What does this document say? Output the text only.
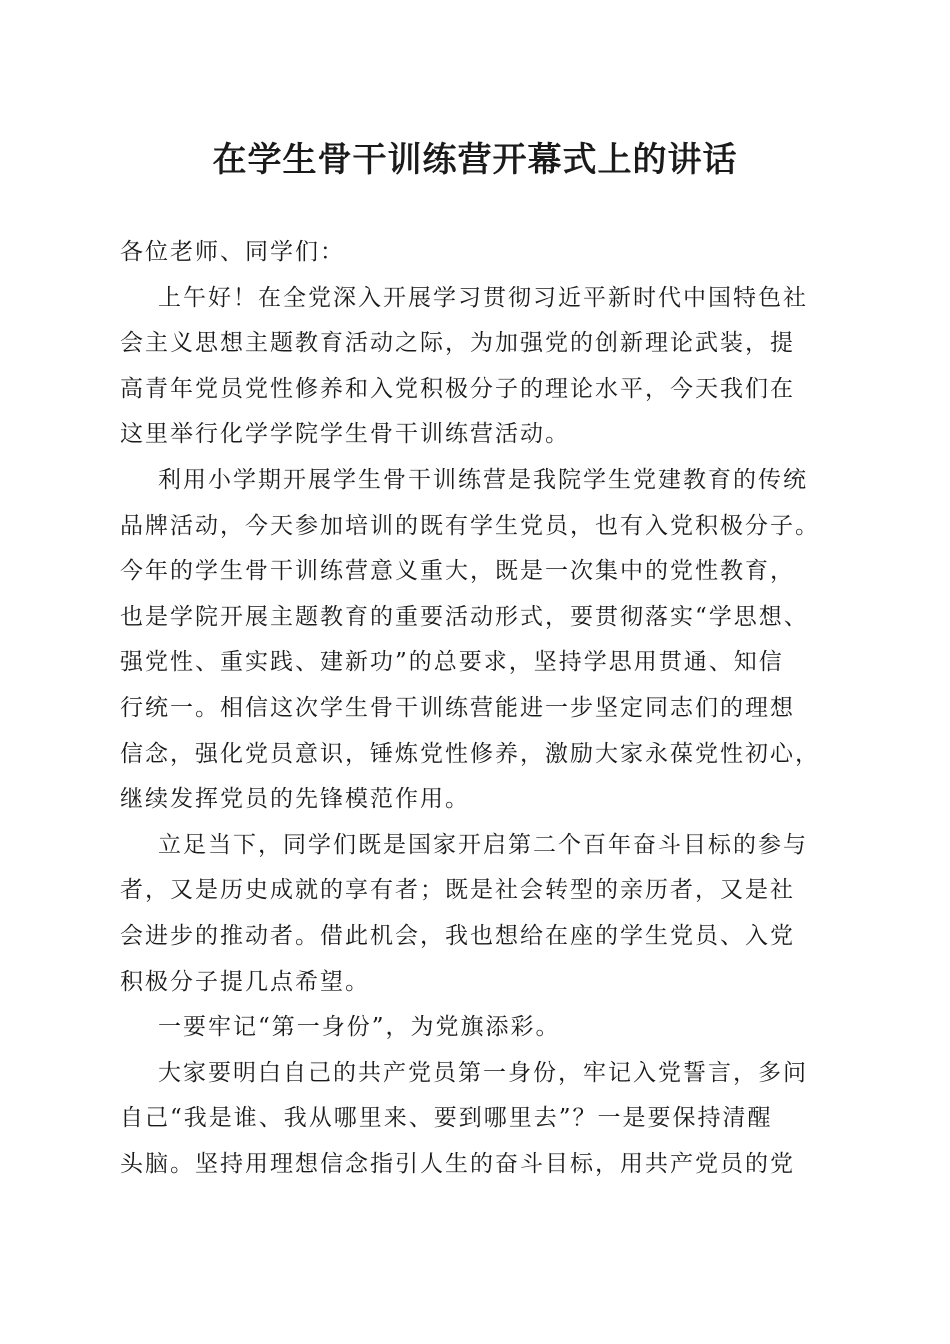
在学生骨干训练营开幕式上的讲话
各位老师、同学们：
上午好！在全党深入开展学习贯彻习近平新时代中国特色社
会主义思想主题教育活动之际，为加强党的创新理论武装，提
高青年党员党性修养和入党积极分子的理论水平，今天我们在
这里举行化学学院学生骨干训练营活动。
利用小学期开展学生骨干训练营是我院学生党建教育的传统
品牌活动，今天参加培训的既有学生党员，也有入党积极分子。
今年的学生骨干训练营意义重大，既是一次集中的党性教育，
也是学院开展主题教育的重要活动形式，要贯彻落实“学思想、
强党性、重实践、建新功”的总要求，坚持学思用贯通、知信
行统一。相信这次学生骨干训练营能进一步坚定同志们的理想
信念，强化党员意识，锤炼党性修养，激励大家永葆党性初心，
继续发挥党员的先锋模范作用。
立足当下，同学们既是国家开启第二个百年奋斗目标的参与
者，又是历史成就的享有者；既是社会转型的亲历者，又是社
会进步的推动者。借此机会，我也想给在座的学生党员、入党
积极分子提几点希望。
一要牢记“第一身份”，为党旗添彩。
大家要明白自己的共产党员第一身份，牢记入党誓言，多问
自己“我是谁、我从哪里来、要到哪里去”？一是要保持清醒
头脑。坚持用理想信念指引人生的奋斗目标，用共产党员的党
